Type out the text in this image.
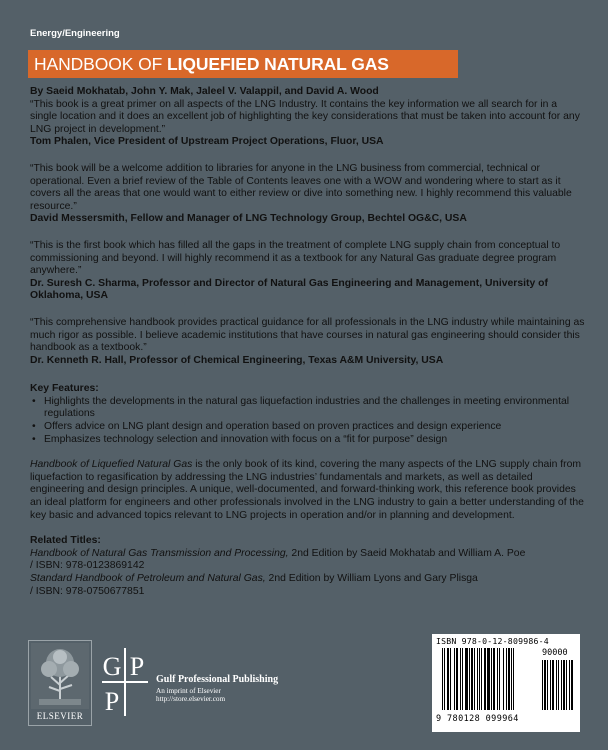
Energy/Engineering
HANDBOOK OF LIQUEFIED NATURAL GAS
By Saeid Mokhatab, John Y. Mak, Jaleel V. Valappil, and David A. Wood
“This book is a great primer on all aspects of the LNG Industry. It contains the key information we all search for in a single location and it does an excellent job of highlighting the key considerations that must be taken into account for any LNG project in development.”
Tom Phalen, Vice President of Upstream Project Operations, Fluor, USA
“This book will be a welcome addition to libraries for anyone in the LNG business from commercial, technical or operational. Even a brief review of the Table of Contents leaves one with a WOW and wondering where to start as it covers all the areas that one would want to either review or dive into something new. I highly recommend this valuable resource.”
David Messersmith, Fellow and Manager of LNG Technology Group, Bechtel OG&C, USA
“This is the first book which has filled all the gaps in the treatment of complete LNG supply chain from conceptual to commissioning and beyond. I will highly recommend it as a textbook for any Natural Gas graduate degree program anywhere.”
Dr. Suresh C. Sharma, Professor and Director of Natural Gas Engineering and Management, University of Oklahoma, USA
“This comprehensive handbook provides practical guidance for all professionals in the LNG industry while maintaining as much rigor as possible. I believe academic institutions that have courses in natural gas engineering should consider this handbook as a textbook.”
Dr. Kenneth R. Hall, Professor of Chemical Engineering, Texas A&M University, USA
Key Features:
• Highlights the developments in the natural gas liquefaction industries and the challenges in meeting environmental regulations
• Offers advice on LNG plant design and operation based on proven practices and design experience
• Emphasizes technology selection and innovation with focus on a “fit for purpose” design
Handbook of Liquefied Natural Gas is the only book of its kind, covering the many aspects of the LNG supply chain from liquefaction to regasification by addressing the LNG industries’ fundamentals and markets, as well as detailed engineering and design principles. A unique, well-documented, and forward-thinking work, this reference book provides an ideal platform for engineers and other professionals involved in the LNG industry to gain a better understanding of the key basic and advanced topics relevant to LNG projects in operation and/or in planning and development.
Related Titles:
Handbook of Natural Gas Transmission and Processing, 2nd Edition by Saeid Mokhatab and William A. Poe
/ ISBN: 978-0123869142
Standard Handbook of Petroleum and Natural Gas, 2nd Edition by William Lyons and Gary Plisga
/ ISBN: 978-0750677851
ELSEVIER
G P
P
Gulf Professional Publishing
An imprint of Elsevier
http://store.elsevier.com
ISBN 978-0-12-809986-4
90000
9 780128 099964
